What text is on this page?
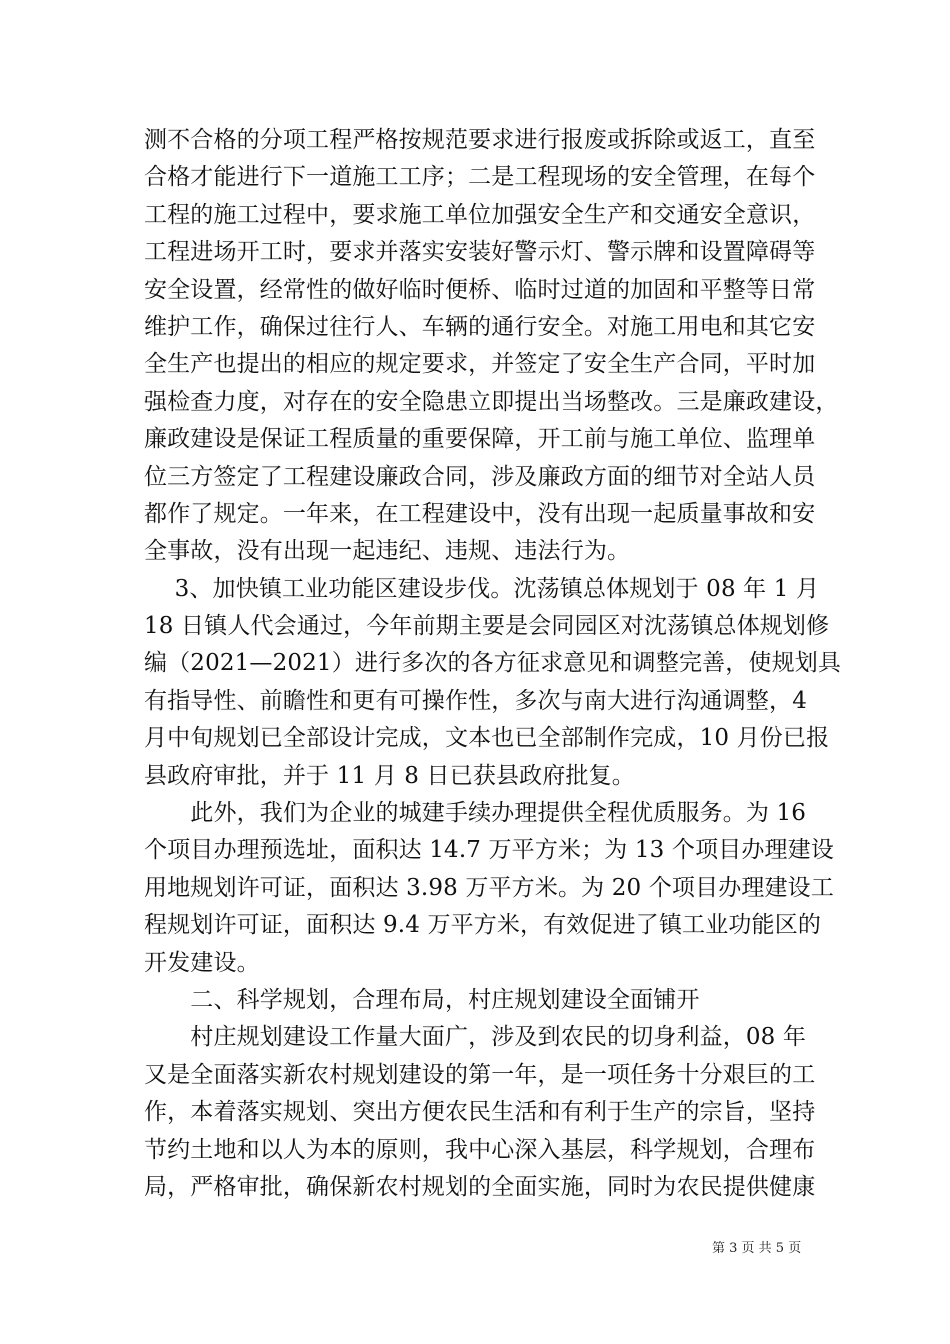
测不合格的分项工程严格按规范要求进行报废或拆除或返工，直至
合格才能进行下一道施工工序；二是工程现场的安全管理，在每个
工程的施工过程中，要求施工单位加强安全生产和交通安全意识，
工程进场开工时，要求并落实安装好警示灯、警示牌和设置障碍等
安全设置，经常性的做好临时便桥、临时过道的加固和平整等日常
维护工作，确保过往行人、车辆的通行安全。对施工用电和其它安
全生产也提出的相应的规定要求，并签定了安全生产合同，平时加
强检查力度，对存在的安全隐患立即提出当场整改。三是廉政建设，
廉政建设是保证工程质量的重要保障，开工前与施工单位、监理单
位三方签定了工程建设廉政合同，涉及廉政方面的细节对全站人员
都作了规定。一年来，在工程建设中，没有出现一起质量事故和安
全事故，没有出现一起违纪、违规、违法行为。
　 3、加快镇工业功能区建设步伐。沈荡镇总体规划于 08 年 1 月
18 日镇人代会通过，今年前期主要是会同园区对沈荡镇总体规划修
编（2021—2021）进行多次的各方征求意见和调整完善，使规划具
有指导性、前瞻性和更有可操作性，多次与南大进行沟通调整，4
月中旬规划已全部设计完成，文本也已全部制作完成，10 月份已报
县政府审批，并于 11 月 8 日已获县政府批复。
　　此外，我们为企业的城建手续办理提供全程优质服务。为 16
个项目办理预选址，面积达 14.7 万平方米；为 13 个项目办理建设
用地规划许可证，面积达 3.98 万平方米。为 20 个项目办理建设工
程规划许可证，面积达 9.4 万平方米，有效促进了镇工业功能区的
开发建设。
　　二、科学规划，合理布局，村庄规划建设全面铺开
　　村庄规划建设工作量大面广，涉及到农民的切身利益，08 年
又是全面落实新农村规划建设的第一年，是一项任务十分艰巨的工
作，本着落实规划、突出方便农民生活和有利于生产的宗旨，坚持
节约土地和以人为本的原则，我中心深入基层，科学规划，合理布
局，严格审批，确保新农村规划的全面实施，同时为农民提供健康
第 3 页 共 5 页
